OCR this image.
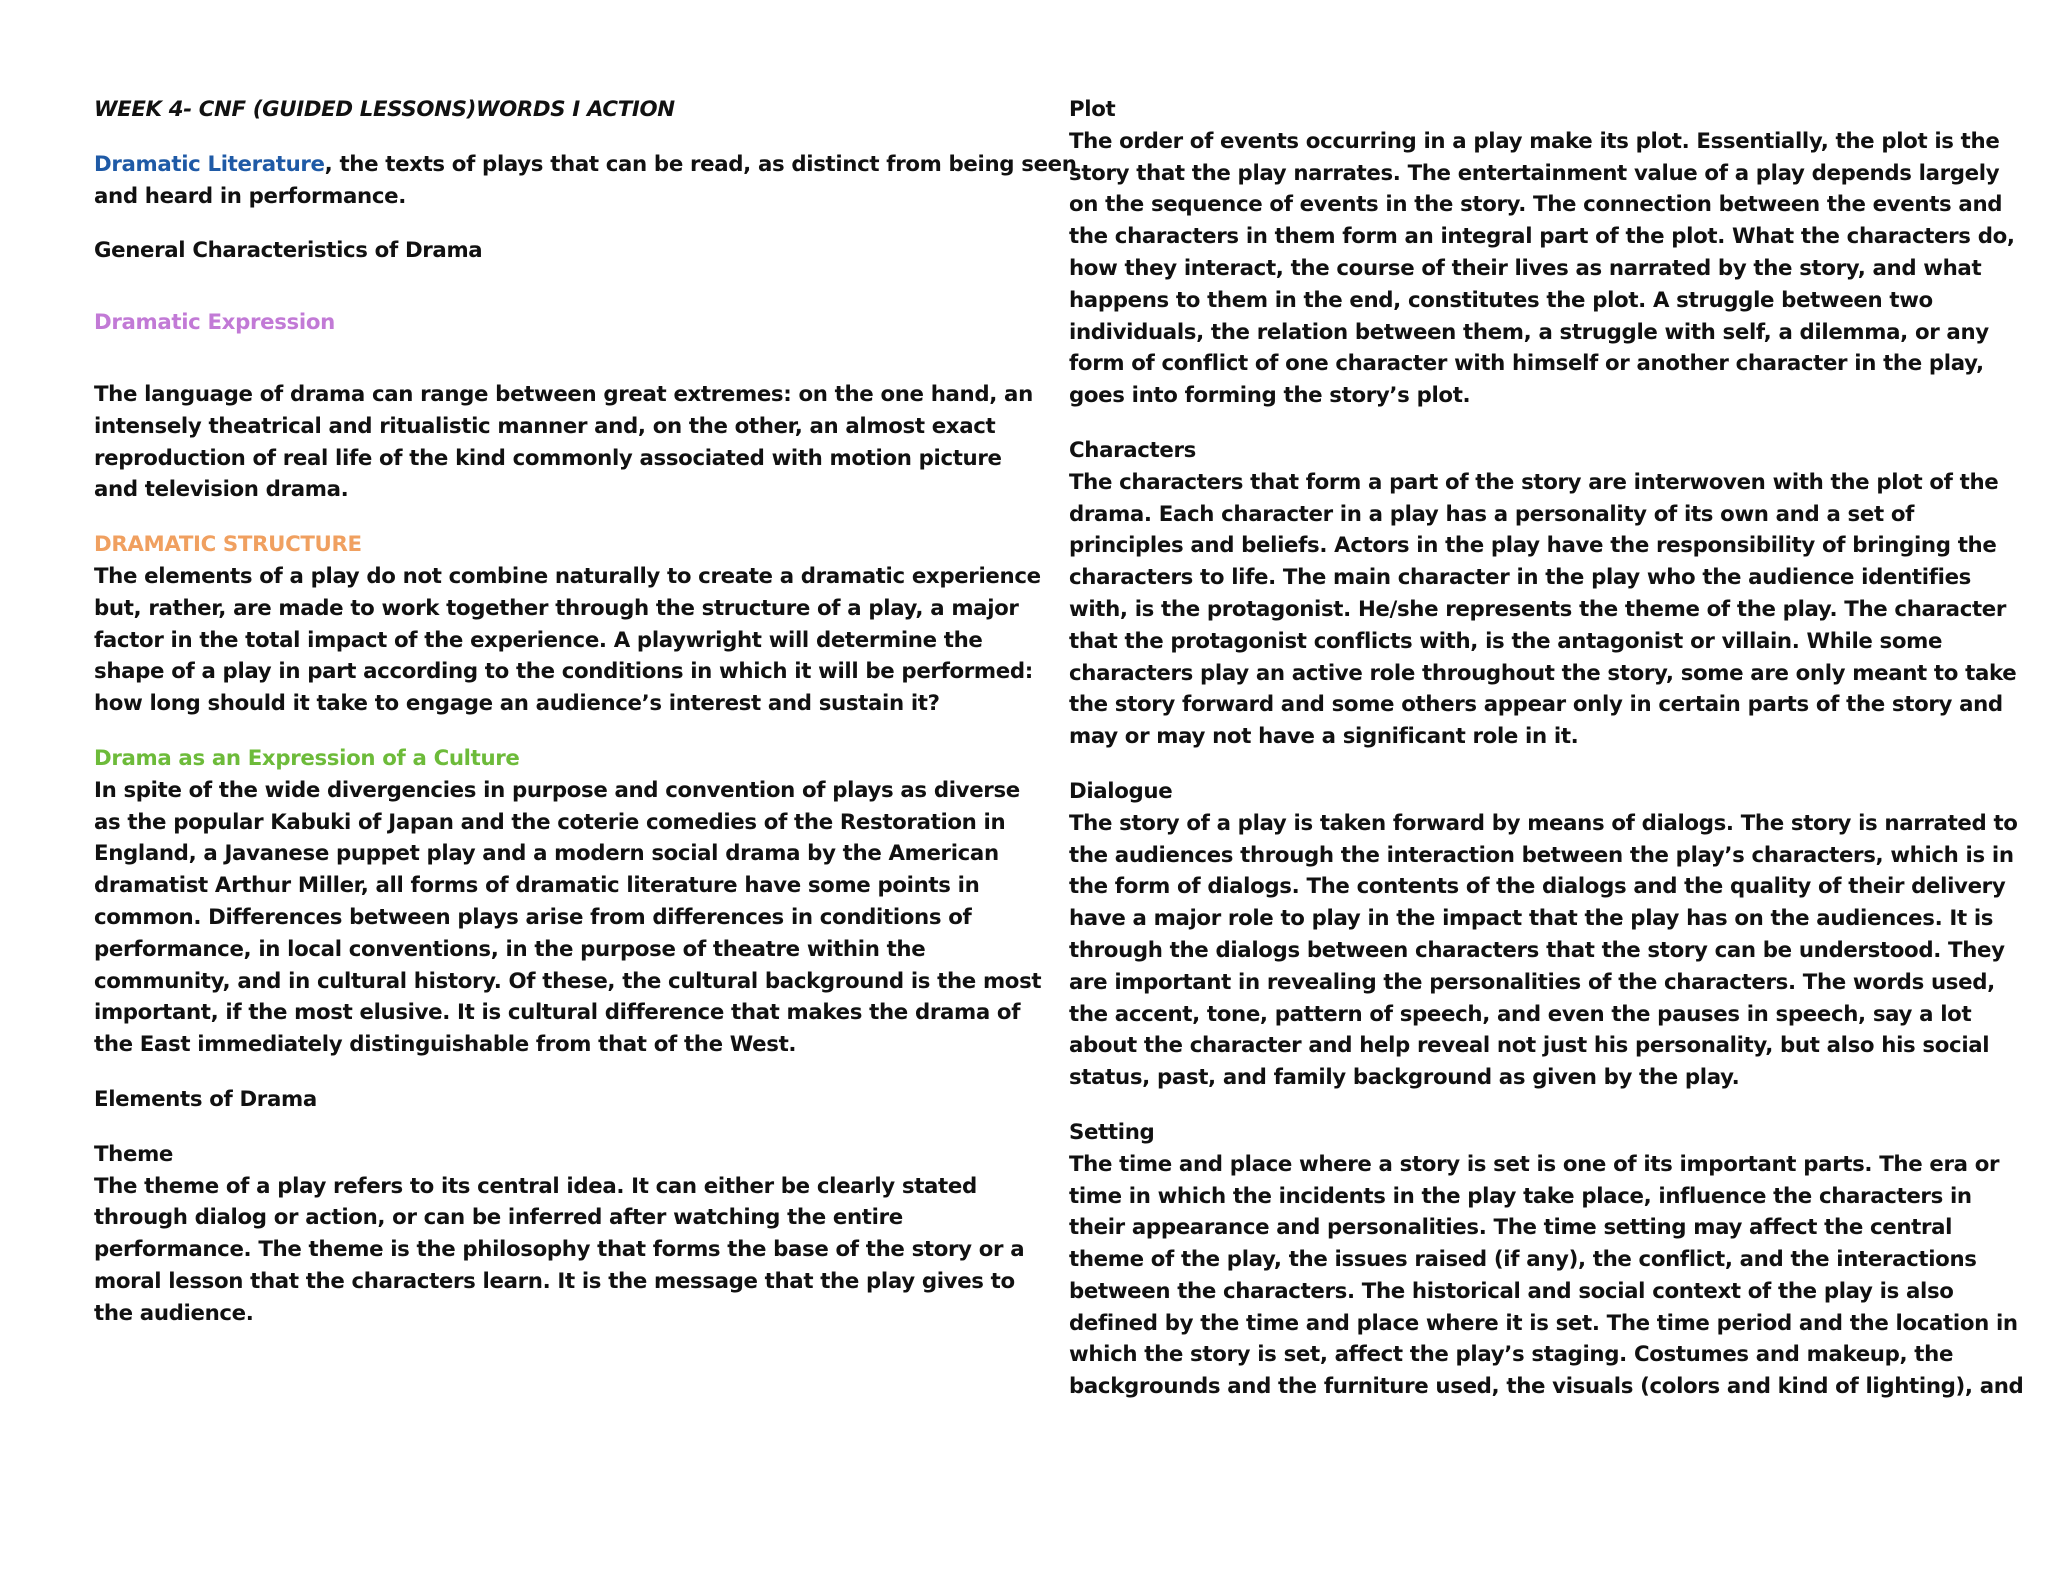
WEEK 4- CNF (GUIDED LESSONS)WORDS I ACTION

Dramatic Literature, the texts of plays that can be read, as distinct from being seen
and heard in performance.

General Characteristics of Drama
Dramatic Expression

The language of drama can range between great extremes: on the one hand, an
intensely theatrical and ritualistic manner and, on the other, an almost exact
reproduction of real life of the kind commonly associated with motion picture
and television drama.

DRAMATIC STRUCTURE

The elements of a play do not combine naturally to create a dramatic experience
but, rather, are made to work together through the structure of a play, a major
factor in the total impact of the experience. A playwright will determine the
shape of a play in part according to the conditions in which it will be performed:
how long should it take to engage an audience’s interest and sustain it?

Drama as an Expression of a Culture

In spite of the wide divergencies in purpose and convention of plays as diverse
as the popular Kabuki of Japan and the coterie comedies of the Restoration in
England, a Javanese puppet play and a modern social drama by the American
dramatist Arthur Miller, all forms of dramatic literature have some points in
common. Differences between plays arise from differences in conditions of
performance, in local conventions, in the purpose of theatre within the
community, and in cultural history. Of these, the cultural background is the most
important, if the most elusive. It is cultural difference that makes the drama of
the East immediately distinguishable from that of the West.

Elements of Drama
Theme

The theme of a play refers to its central idea. It can either be clearly stated
through dialog or action, or can be inferred after watching the entire
performance. The theme is the philosophy that forms the base of the story or a
moral lesson that the characters learn. It is the message that the play gives to
the audience.

Plot

The order of events occurring in a play make its plot. Essentially, the plot is the
story that the play narrates. The entertainment value of a play depends largely
on the sequence of events in the story. The connection between the events and
the characters in them form an integral part of the plot. What the characters do,
how they interact, the course of their lives as narrated by the story, and what
happens to them in the end, constitutes the plot. A struggle between two
individuals, the relation between them, a struggle with self, a dilemma, or any
form of conflict of one character with himself or another character in the play,
goes into forming the story’s plot.

Characters

The characters that form a part of the story are interwoven with the plot of the
drama. Each character in a play has a personality of its own and a set of
principles and beliefs. Actors in the play have the responsibility of bringing the
characters to life. The main character in the play who the audience identifies
with, is the protagonist. He/she represents the theme of the play. The character
that the protagonist conflicts with, is the antagonist or villain. While some
characters play an active role throughout the story, some are only meant to take
the story forward and some others appear only in certain parts of the story and
may or may not have a significant role in it.

Dialogue

The story of a play is taken forward by means of dialogs. The story is narrated to
the audiences through the interaction between the play’s characters, which is in
the form of dialogs. The contents of the dialogs and the quality of their delivery
have a major role to play in the impact that the play has on the audiences. It is
through the dialogs between characters that the story can be understood. They
are important in revealing the personalities of the characters. The words used,
the accent, tone, pattern of speech, and even the pauses in speech, say a lot
about the character and help reveal not just his personality, but also his social
status, past, and family background as given by the play.

Setting

The time and place where a story is set is one of its important parts. The era or
time in which the incidents in the play take place, influence the characters in
their appearance and personalities. The time setting may affect the central
theme of the play, the issues raised (if any), the conflict, and the interactions
between the characters. The historical and social context of the play is also
defined by the time and place where it is set. The time period and the location in
which the story is set, affect the play’s staging. Costumes and makeup, the
backgrounds and the furniture used, the visuals (colors and kind of lighting), and
